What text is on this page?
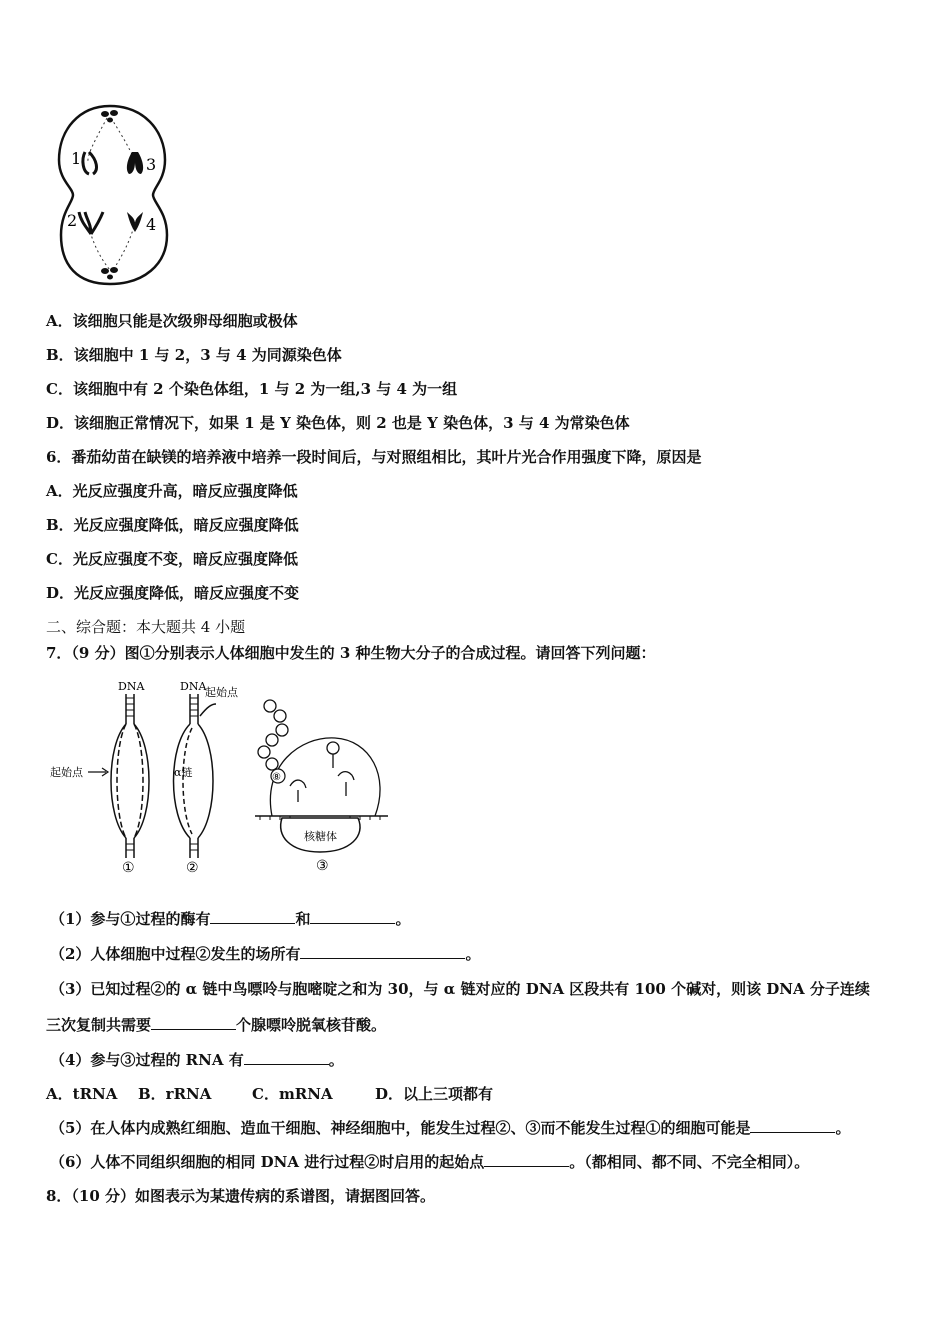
1
2
3
4
A．该细胞只能是次级卵母细胞或极体
B．该细胞中 1 与 2，3 与 4 为同源染色体
C．该细胞中有 2 个染色体组，1 与 2 为一组,3 与 4 为一组
D．该细胞正常情况下，如果 1 是 Y 染色体，则 2 也是 Y 染色体，3 与 4 为常染色体
6．番茄幼苗在缺镁的培养液中培养一段时间后，与对照组相比，其叶片光合作用强度下降，原因是
A．光反应强度升高，暗反应强度降低
B．光反应强度降低，暗反应强度降低
C．光反应强度不变，暗反应强度降低
D．光反应强度降低，暗反应强度不变
二、综合题：本大题共 4 小题
7．（9 分）图①分别表示人体细胞中发生的 3 种生物大分子的合成过程。请回答下列问题：
DNA
起始点
①
DNA
起始点
α链
②
⑧
核糖体
③
（1）参与①过程的酶有	和	。
（2）人体细胞中过程②发生的场所有	。
（3）已知过程②的 α 链中鸟嘌呤与胞嘧啶之和为 30，与 α 链对应的 DNA 区段共有 100 个碱对，则该 DNA 分子连续
三次复制共需要	个腺嘌呤脱氧核苷酸。
（4）参与③过程的 RNA 有	。
A．tRNA B．rRNA	C．mRNA	D．以上三项都有
（5）在人体内成熟红细胞、造血干细胞、神经细胞中，能发生过程②、③而不能发生过程①的细胞可能是	。
（6）人体不同组织细胞的相同 DNA 进行过程②时启用的起始点	。（都相同、都不同、不完全相同）。
8．（10 分）如图表示为某遗传病的系谱图，请据图回答。
